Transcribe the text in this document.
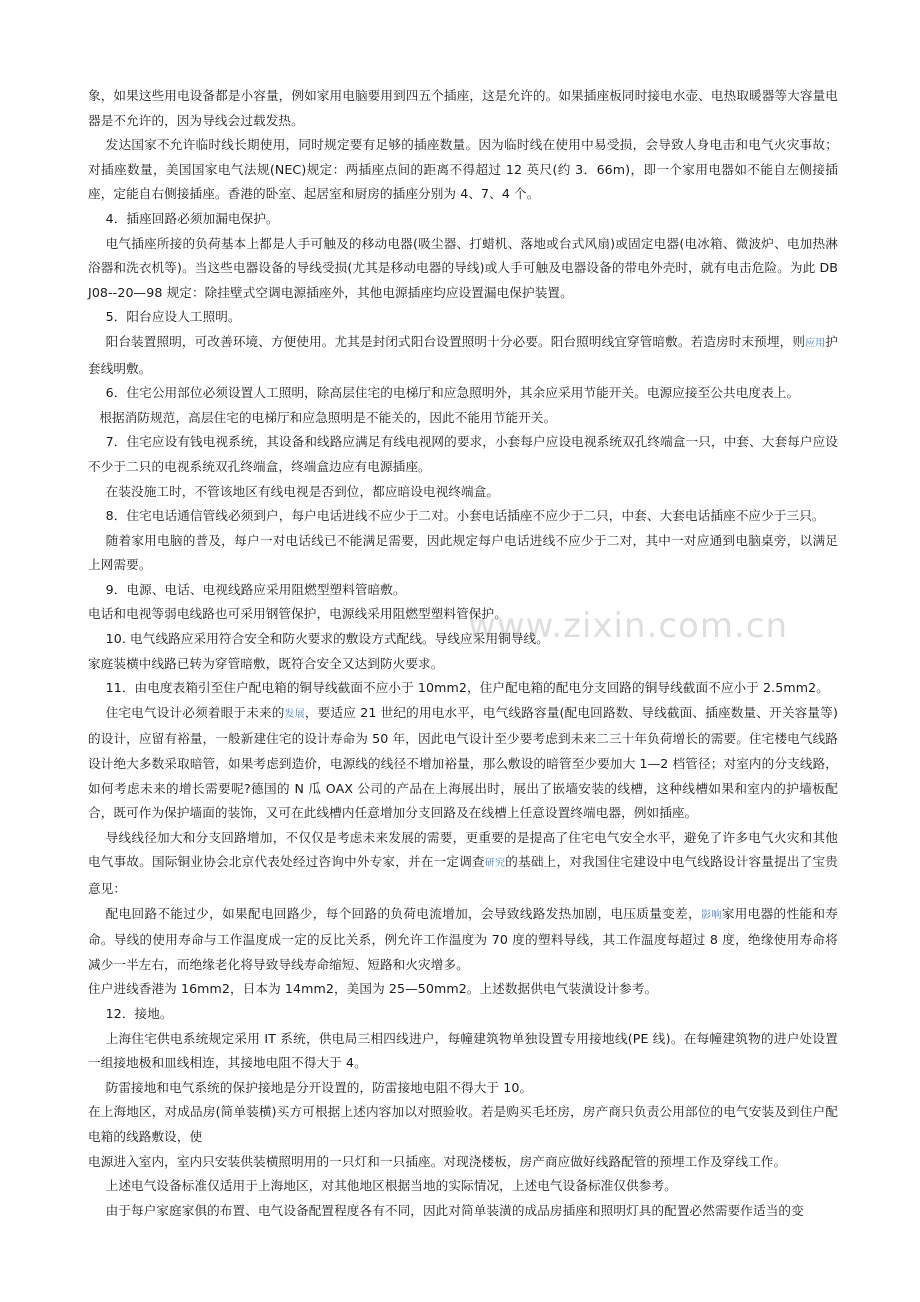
www.zixin.com.cn

象，如果这些用电设备都是小容量，例如家用电脑要用到四五个插座，这是允许的。如果插座板同时接电水壶、电热取暖器等大容量电器是不允许的，因为导线会过载发热。

发达国家不允许临时线长期使用，同时规定要有足够的插座数量。因为临时线在使用中易受损，会导致人身电击和电气火灾事故；对插座数量，美国国家电气法规(NEC)规定：两插座点间的距离不得超过 12 英尺(约 3．66m)，即一个家用电器如不能自左侧接插座，定能自右侧接插座。香港的卧室、起居室和厨房的插座分别为 4、7、4 个。

4．插座回路必须加漏电保护。

电气插座所接的负荷基本上都是人手可触及的移动电器(吸尘器、打蜡机、落地或台式风扇)或固定电器(电冰箱、微波炉、电加热淋浴器和洗衣机等)。当这些电器设备的导线受损(尤其是移动电器的导线)或人手可触及电器设备的带电外壳时，就有电击危险。为此 DBJ08--20—98 规定：除挂壁式空调电源插座外，其他电源插座均应设置漏电保护装置。

5．阳台应设人工照明。

阳台装置照明，可改善环境、方便使用。尤其是封闭式阳台设置照明十分必要。阳台照明线宜穿管暗敷。若造房时末预埋，则应用护套线明敷。

6．住宅公用部位必须设置人工照明，除高层住宅的电梯厅和应急照明外，其余应采用节能开关。电源应接至公共电度表上。

根据消防规范，高层住宅的电梯厅和应急照明是不能关的，因此不能用节能开关。

7．住宅应设有钱电视系统，其设备和线路应满足有线电视网的要求，小套每户应设电视系统双孔终端盒一只，中套、大套每户应设不少于二只的电视系统双孔终端盒，终端盒边应有电源插座。

在装没施工时，不管该地区有线电视是否到位，都应暗设电视终端盒。

8．住宅电话通信管线必须到户，每户电话进线不应少于二对。小套电话插座不应少于二只，中套、大套电话插座不应少于三只。

随着家用电脑的普及，每户一对电话线已不能满足需要，因此规定每户电话进线不应少于二对，其中一对应通到电脑桌旁，以满足上网需要。

9．电源、电话、电视线路应采用阻燃型塑料管暗敷。

电话和电视等弱电线路也可采用钢管保护，电源线采用阻燃型塑料管保护。

10. 电气线路应采用符合安全和防火要求的敷设方式配线。导线应采用铜导线。

家庭装横中线路已转为穿管暗敷，既符合安全又达到防火要求。

11．由电度表箱引至住户配电箱的铜导线截面不应小于 10mm2，住户配电箱的配电分支回路的铜导线截面不应小于 2.5mm2。

住宅电气设计必须着眼于未来的发展，要适应 21 世纪的用电水平，电气线路容量(配电回路数、导线截面、插座数量、开关容量等)的设计，应留有裕量，一般新建住宅的设计寿命为 50 年，因此电气设计至少要考虑到未来二三十年负荷增长的需要。住宅楼电气线路设计绝大多数采取暗管，如果考虑到造价，电源线的线径不增加裕量，那么敷设的暗管至少要加大 1—2 档管径；对室内的分支线路，如何考虑未来的增长需要呢?德国的 N 瓜 OAX 公司的产品在上海展出时，展出了嵌墙安装的线槽，这种线槽如果和室内的护墙板配合，既可作为保护墙面的装饰，又可在此线槽内任意增加分支回路及在线槽上任意设置终端电器，例如插座。

导线线径加大和分支回路增加，不仅仅是考虑未来发展的需要，更重要的是提高了住宅电气安全水平，避免了许多电气火灾和其他电气事故。国际铜业协会北京代表处经过咨询中外专家，并在一定调查研究的基础上，对我国住宅建设中电气线路设计容量提出了宝贵意见：

配电回路不能过少，如果配电回路少，每个回路的负荷电流增加，会导致线路发热加剧，电压质量变差，影响家用电器的性能和寿命。导线的使用寿命与工作温度成一定的反比关系，例允许工作温度为 70 度的塑料导线，其工作温度每超过 8 度，绝缘使用寿命将减少一半左右，而绝缘老化将导致导线寿命缩短、短路和火灾增多。

住户进线香港为 16mm2，日本为 14mm2，美国为 25—50mm2。上述数据供电气装潢设计参考。

12．接地。

上海住宅供电系统规定采用 IT 系统，供电局三相四线进户，每幢建筑物单独设置专用接地线(PE 线)。在每幢建筑物的进户处设置一组接地极和皿线相连，其接地电阻不得大于 4。

防雷接地和电气系统的保护接地是分开设置的，防雷接地电阻不得大于 10。

在上海地区，对成品房(简单装横)买方可根据上述内容加以对照验收。若是购买毛坯房，房产商只负责公用部位的电气安装及到住户配电箱的线路敷设，使

电源进入室内，室内只安装供装横照明用的一只灯和一只插座。对现浇楼板，房产商应做好线路配管的预埋工作及穿线工作。

上述电气设备标准仅适用于上海地区，对其他地区根据当地的实际情况，上述电气设备标准仅供参考。

由于每户家庭家俱的布置、电气设备配置程度各有不同，因此对简单装潢的成品房插座和照明灯具的配置必然需要作适当的变
